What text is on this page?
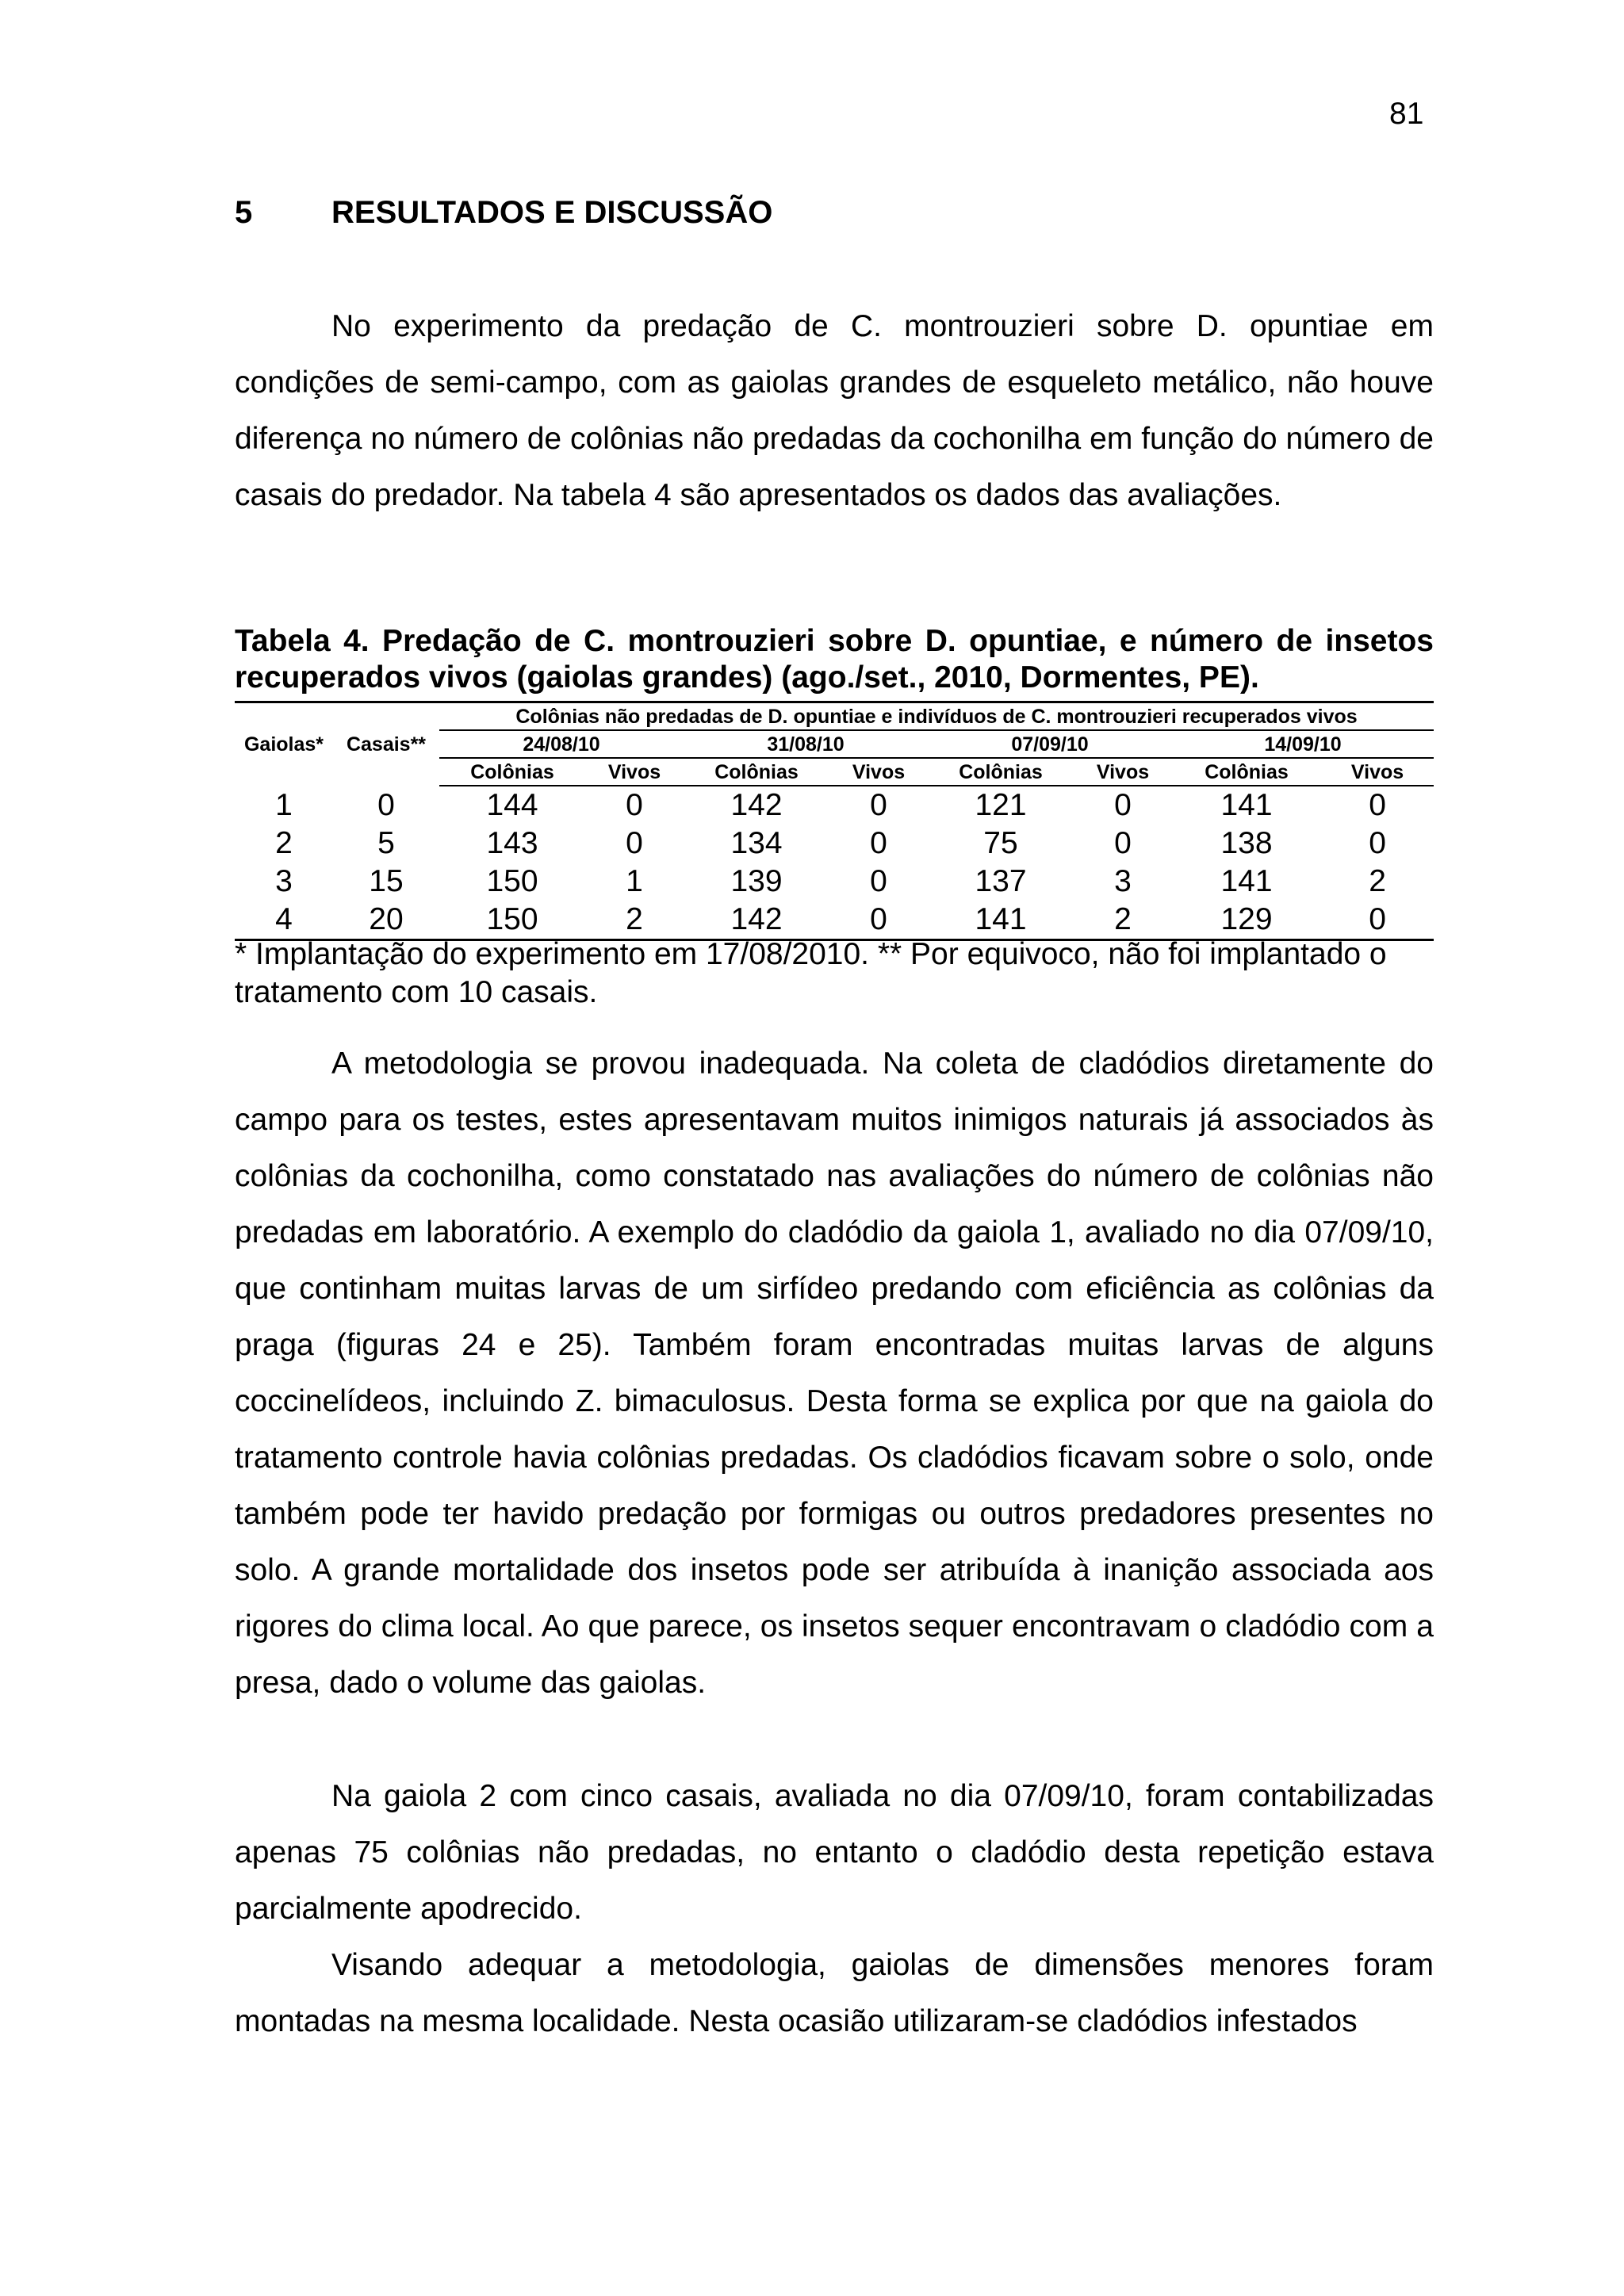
81
5 RESULTADOS E DISCUSSÃO

No experimento da predação de C. montrouzieri sobre D. opuntiae em condições de semi-campo, com as gaiolas grandes de esqueleto metálico, não houve diferença no número de colônias não predadas da cochonilha em função do número de casais do predador. Na tabela 4 são apresentados os dados das avaliações.

Tabela 4. Predação de C. montrouzieri sobre D. opuntiae, e número de insetos recuperados vivos (gaiolas grandes) (ago./set., 2010, Dormentes, PE).

Gaiolas*	Casais**	Colônias não predadas de D. opuntiae e indivíduos de C. montrouzieri recuperados vivos							
		24/08/10		31/08/10		07/09/10		14/09/10	
		Colônias	Vivos	Colônias	Vivos	Colônias	Vivos	Colônias	Vivos
1	0	144	0	142	0	121	0	141	0
2	5	143	0	134	0	75	0	138	0
3	15	150	1	139	0	137	3	141	2
4	20	150	2	142	0	141	2	129	0

* Implantação do experimento em 17/08/2010. ** Por equivoco, não foi implantado o tratamento com 10 casais.

A metodologia se provou inadequada. Na coleta de cladódios diretamente do campo para os testes, estes apresentavam muitos inimigos naturais já associados às colônias da cochonilha, como constatado nas avaliações do número de colônias não predadas em laboratório. A exemplo do cladódio da gaiola 1, avaliado no dia 07/09/10, que continham muitas larvas de um sirfídeo predando com eficiência as colônias da praga (figuras 24 e 25). Também foram encontradas muitas larvas de alguns coccinelídeos, incluindo Z. bimaculosus. Desta forma se explica por que na gaiola do tratamento controle havia colônias predadas. Os cladódios ficavam sobre o solo, onde também pode ter havido predação por formigas ou outros predadores presentes no solo. A grande mortalidade dos insetos pode ser atribuída à inanição associada aos rigores do clima local. Ao que parece, os insetos sequer encontravam o cladódio com a presa, dado o volume das gaiolas.

Na gaiola 2 com cinco casais, avaliada no dia 07/09/10, foram contabilizadas apenas 75 colônias não predadas, no entanto o cladódio desta repetição estava parcialmente apodrecido.

Visando adequar a metodologia, gaiolas de dimensões menores foram montadas na mesma localidade. Nesta ocasião utilizaram-se cladódios infestados
